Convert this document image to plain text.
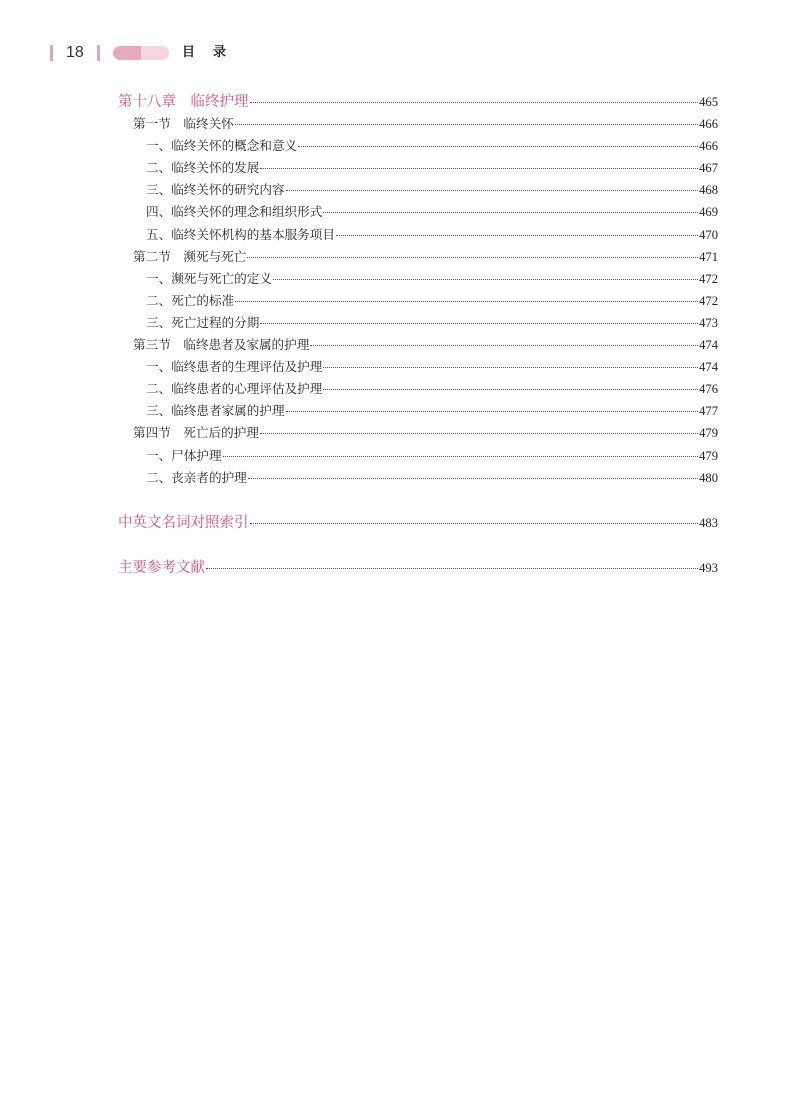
18	目录
第十八章　临终护理	465
第一节　临终关怀	466
一、临终关怀的概念和意义	466
二、临终关怀的发展	467
三、临终关怀的研究内容	468
四、临终关怀的理念和组织形式	469
五、临终关怀机构的基本服务项目	470
第二节　濒死与死亡	471
一、濒死与死亡的定义	472
二、死亡的标准	472
三、死亡过程的分期	473
第三节　临终患者及家属的护理	474
一、临终患者的生理评估及护理	474
二、临终患者的心理评估及护理	476
三、临终患者家属的护理	477
第四节　死亡后的护理	479
一、尸体护理	479
二、丧亲者的护理	480
中英文名词对照索引	483
主要参考文献	493
